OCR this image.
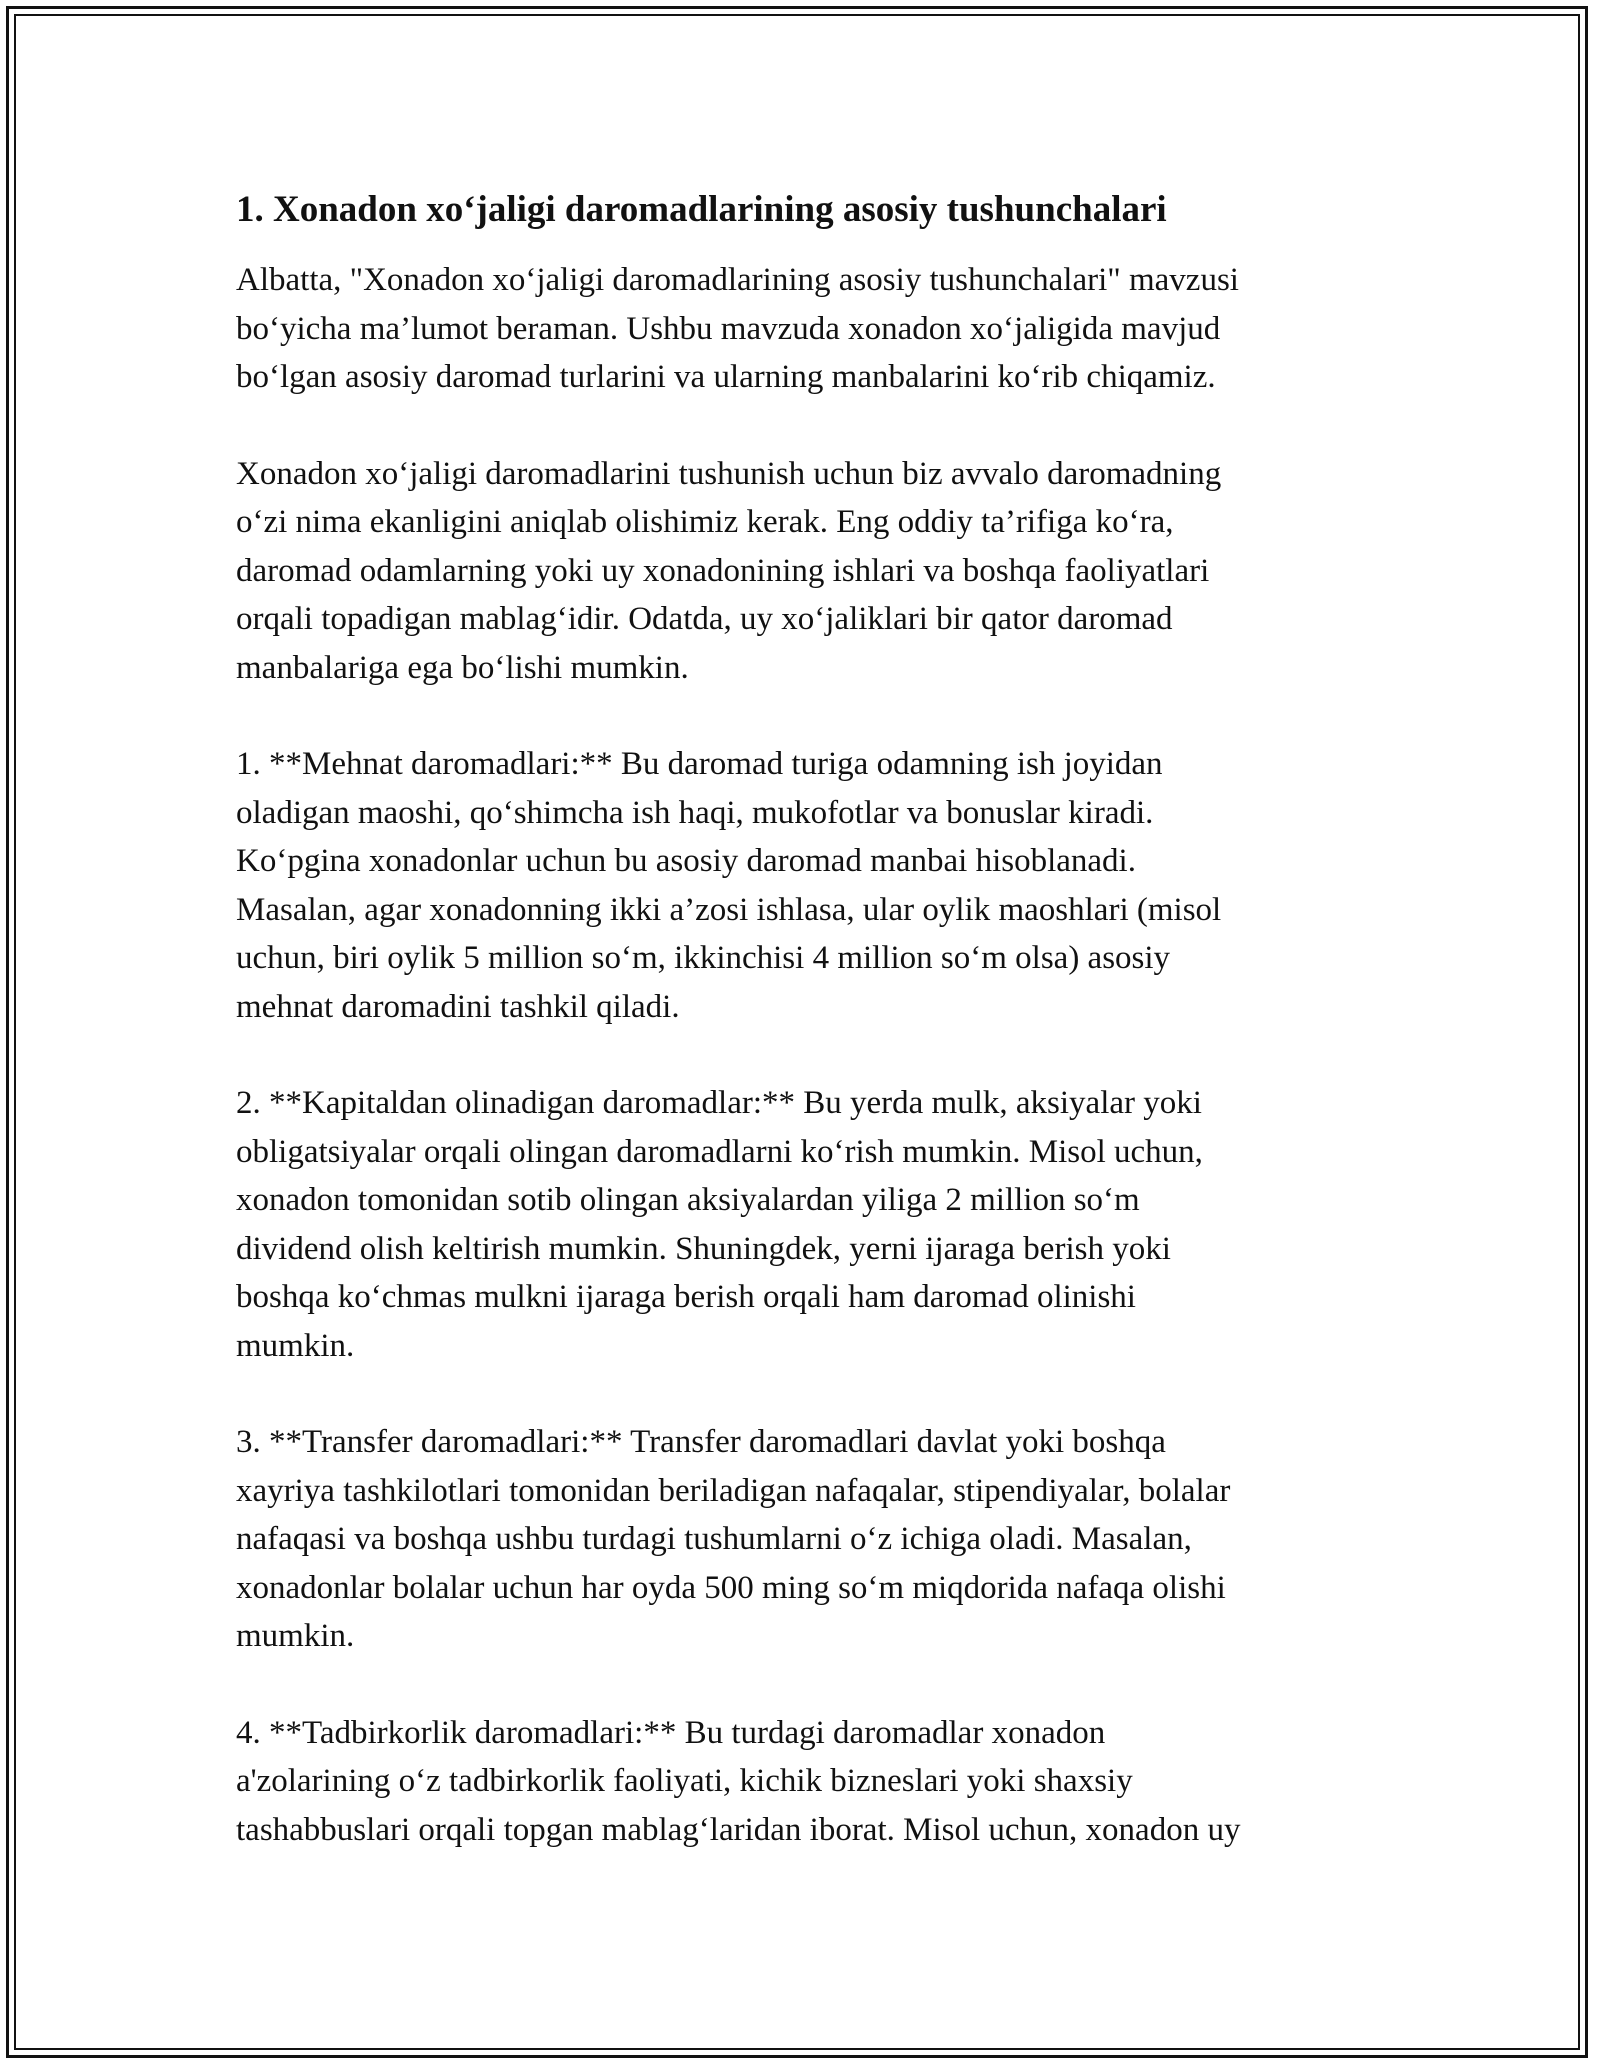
1. Xonadon xo‘jaligi daromadlarining asosiy tushunchalari

Albatta, "Xonadon xo‘jaligi daromadlarining asosiy tushunchalari" mavzusi
bo‘yicha ma’lumot beraman. Ushbu mavzuda xonadon xo‘jaligida mavjud
bo‘lgan asosiy daromad turlarini va ularning manbalarini ko‘rib chiqamiz.

Xonadon xo‘jaligi daromadlarini tushunish uchun biz avvalo daromadning
o‘zi nima ekanligini aniqlab olishimiz kerak. Eng oddiy ta’rifiga ko‘ra,
daromad odamlarning yoki uy xonadonining ishlari va boshqa faoliyatlari
orqali topadigan mablag‘idir. Odatda, uy xo‘jaliklari bir qator daromad
manbalariga ega bo‘lishi mumkin.

1. **Mehnat daromadlari:** Bu daromad turiga odamning ish joyidan
oladigan maoshi, qo‘shimcha ish haqi, mukofotlar va bonuslar kiradi.
Ko‘pgina xonadonlar uchun bu asosiy daromad manbai hisoblanadi.
Masalan, agar xonadonning ikki a’zosi ishlasa, ular oylik maoshlari (misol
uchun, biri oylik 5 million so‘m, ikkinchisi 4 million so‘m olsa) asosiy
mehnat daromadini tashkil qiladi.

2. **Kapitaldan olinadigan daromadlar:** Bu yerda mulk, aksiyalar yoki
obligatsiyalar orqali olingan daromadlarni ko‘rish mumkin. Misol uchun,
xonadon tomonidan sotib olingan aksiyalardan yiliga 2 million so‘m
dividend olish keltirish mumkin. Shuningdek, yerni ijaraga berish yoki
boshqa ko‘chmas mulkni ijaraga berish orqali ham daromad olinishi
mumkin.

3. **Transfer daromadlari:** Transfer daromadlari davlat yoki boshqa
xayriya tashkilotlari tomonidan beriladigan nafaqalar, stipendiyalar, bolalar
nafaqasi va boshqa ushbu turdagi tushumlarni o‘z ichiga oladi. Masalan,
xonadonlar bolalar uchun har oyda 500 ming so‘m miqdorida nafaqa olishi
mumkin.

4. **Tadbirkorlik daromadlari:** Bu turdagi daromadlar xonadon
a'zolarining o‘z tadbirkorlik faoliyati, kichik bizneslari yoki shaxsiy
tashabbuslari orqali topgan mablag‘laridan iborat. Misol uchun, xonadon uy
